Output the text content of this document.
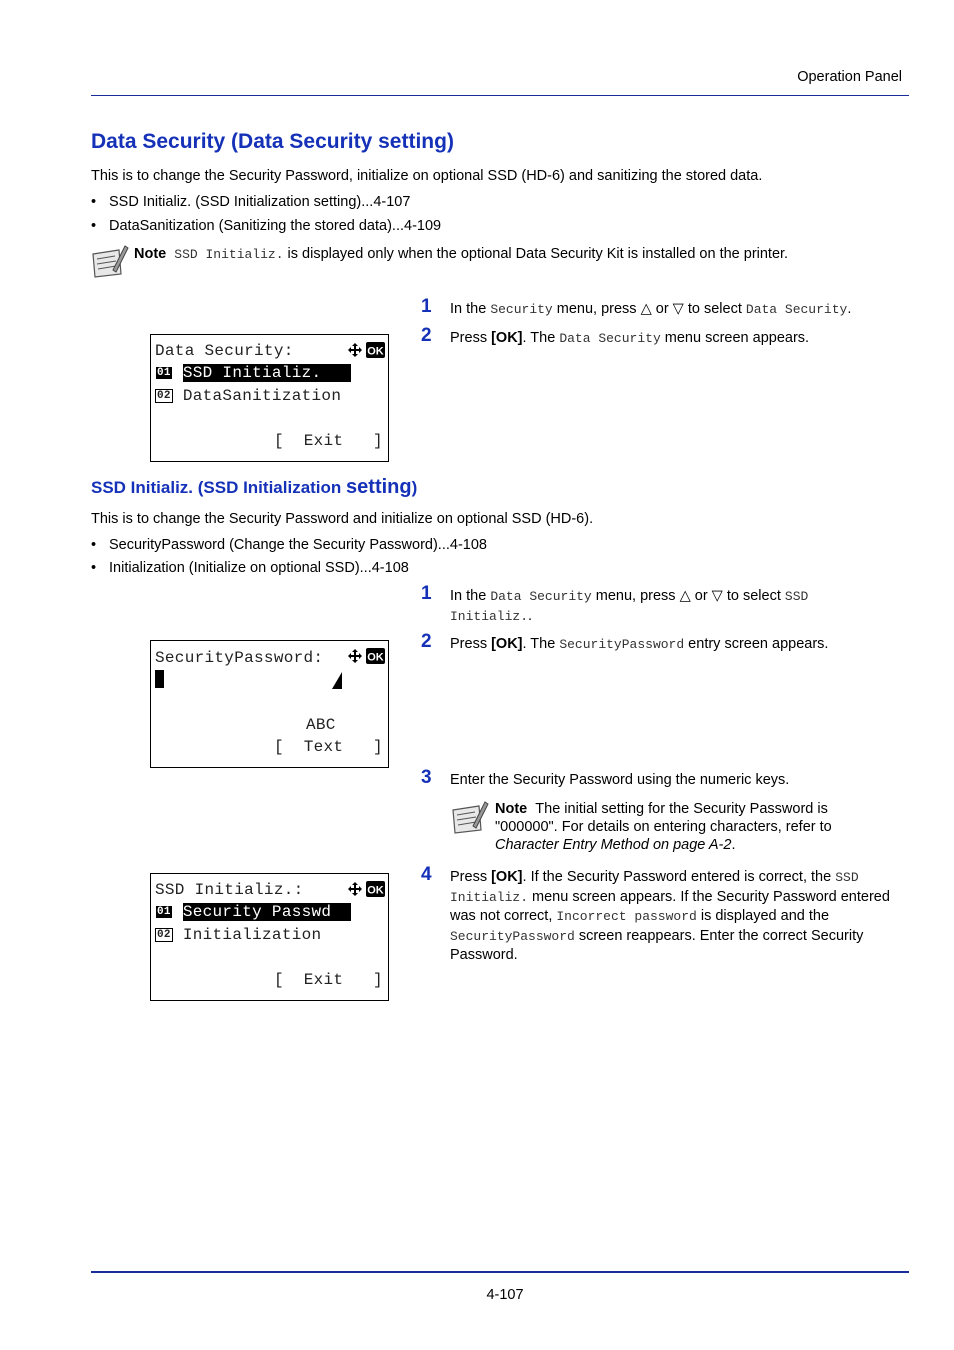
Operation Panel
Data Security (Data Security setting)
This is to change the Security Password, initialize on optional SSD (HD-6) and sanitizing the stored data.
• SSD Initializ. (SSD Initialization setting)...4-107
• DataSanitization (Sanitizing the stored data)...4-109
Note SSD Initializ. is displayed only when the optional Data Security Kit is installed on the printer.
1 In the Security menu, press △ or ▽ to select Data Security.
2 Press [OK]. The Data Security menu screen appears.
Data Security:	OK
01 SSD Initializ.
02 DataSanitization
[  Exit   ]
SSD Initializ. (SSD Initialization setting)
This is to change the Security Password and initialize on optional SSD (HD-6).
• SecurityPassword (Change the Security Password)...4-108
• Initialization (Initialize on optional SSD)...4-108
1 In the Data Security menu, press △ or ▽ to select SSD Initializ..
2 Press [OK]. The SecurityPassword entry screen appears.
SecurityPassword:	OK
ABC
[  Text   ]
3 Enter the Security Password using the numeric keys.
Note The initial setting for the Security Password is "000000". For details on entering characters, refer to Character Entry Method on page A-2.
4 Press [OK]. If the Security Password entered is correct, the SSD Initializ. menu screen appears. If the Security Password entered was not correct, Incorrect password is displayed and the SecurityPassword screen reappears. Enter the correct Security Password.
SSD Initializ.:	OK
01 Security Passwd
02 Initialization
[  Exit   ]
4-107
